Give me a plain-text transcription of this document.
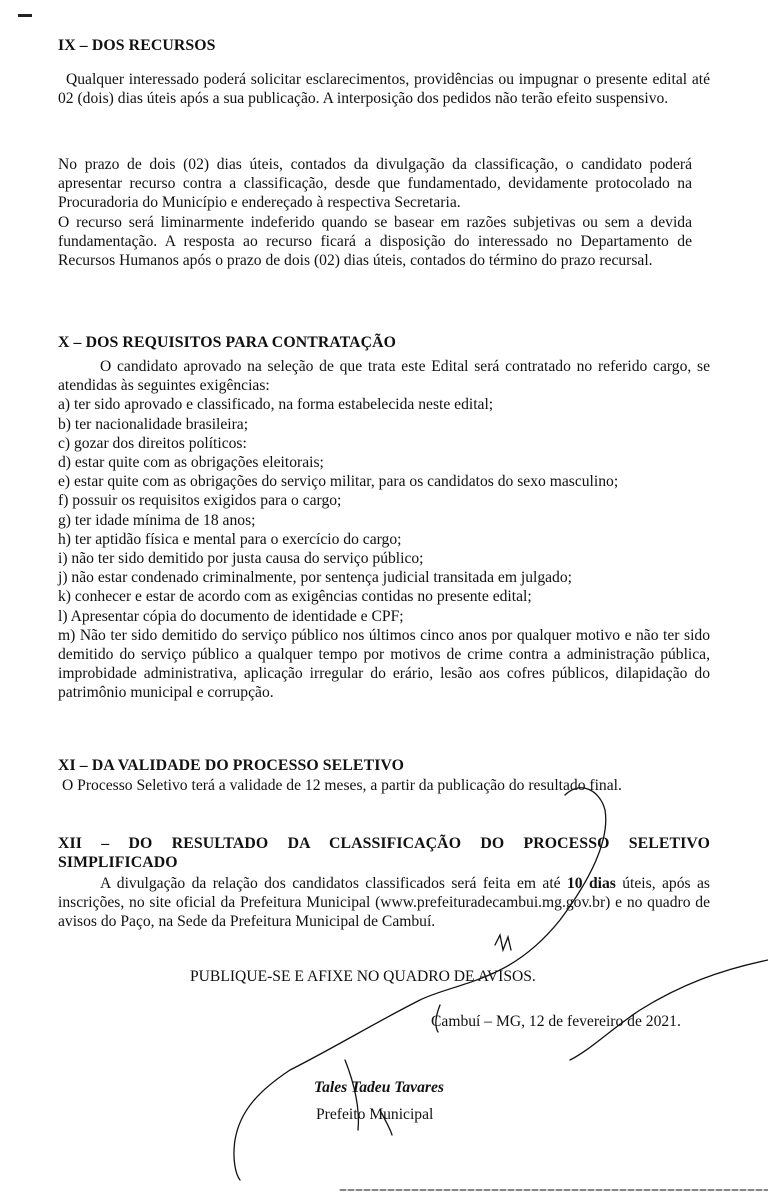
IX – DOS RECURSOS

Qualquer interessado poderá solicitar esclarecimentos, providências ou impugnar o presente edital até 02 (dois) dias úteis após a sua publicação. A interposição dos pedidos não terão efeito suspensivo.

No prazo de dois (02) dias úteis, contados da divulgação da classificação, o candidato poderá apresentar recurso contra a classificação, desde que fundamentado, devidamente protocolado na Procuradoria do Município e endereçado à respectiva Secretaria.

O recurso será liminarmente indeferido quando se basear em razões subjetivas ou sem a devida fundamentação. A resposta ao recurso ficará a disposição do interessado no Departamento de Recursos Humanos após o prazo de dois (02) dias úteis, contados do término do prazo recursal.

X – DOS REQUISITOS PARA CONTRATAÇÃO

O candidato aprovado na seleção de que trata este Edital será contratado no referido cargo, se atendidas às seguintes exigências:

a) ter sido aprovado e classificado, na forma estabelecida neste edital;

b) ter nacionalidade brasileira;

c) gozar dos direitos políticos:

d) estar quite com as obrigações eleitorais;

e) estar quite com as obrigações do serviço militar, para os candidatos do sexo masculino;

f) possuir os requisitos exigidos para o cargo;

g) ter idade mínima de 18 anos;

h) ter aptidão física e mental para o exercício do cargo;

i) não ter sido demitido por justa causa do serviço público;

j) não estar condenado criminalmente, por sentença judicial transitada em julgado;

k) conhecer e estar de acordo com as exigências contidas no presente edital;

l) Apresentar cópia do documento de identidade e CPF;

m) Não ter sido demitido do serviço público nos últimos cinco anos por qualquer motivo e não ter sido demitido do serviço público a qualquer tempo por motivos de crime contra a administração pública, improbidade administrativa, aplicação irregular do erário, lesão aos cofres públicos, dilapidação do patrimônio municipal e corrupção.

XI – DA VALIDADE DO PROCESSO SELETIVO

O Processo Seletivo terá a validade de 12 meses, a partir da publicação do resultado final.

XII – DO RESULTADO DA CLASSIFICAÇÃO DO PROCESSO SELETIVO SIMPLIFICADO

A divulgação da relação dos candidatos classificados será feita em até 10 dias úteis, após as inscrições, no site oficial da Prefeitura Municipal (www.prefeituradecambui.mg.gov.br) e no quadro de avisos do Paço, na Sede da Prefeitura Municipal de Cambuí.

PUBLIQUE-SE E AFIXE NO QUADRO DE AVISOS.
Cambuí – MG, 12 de fevereiro de 2021.
Tales Tadeu Tavares
Prefeito Municipal
